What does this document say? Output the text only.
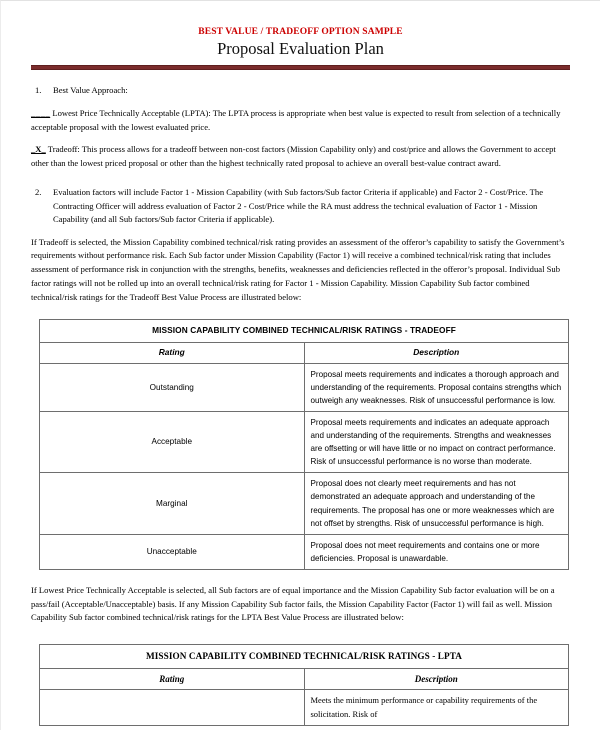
BEST VALUE / TRADEOFF OPTION SAMPLE
Proposal Evaluation Plan
1.	Best Value Approach:

____ Lowest Price Technically Acceptable (LPTA): The LPTA process is appropriate when best value is expected to result from selection of a technically acceptable proposal with the lowest evaluated price.

_X_ Tradeoff: This process allows for a tradeoff between non-cost factors (Mission Capability only) and cost/price and allows the Government to accept other than the lowest priced proposal or other than the highest technically rated proposal to achieve an overall best-value contract award.

2.	Evaluation factors will include Factor 1 - Mission Capability (with Sub factors/Sub factor Criteria if applicable) and Factor 2 - Cost/Price. The Contracting Officer will address evaluation of Factor 2 - Cost/Price while the RA must address the technical evaluation of Factor 1 - Mission Capability (and all Sub factors/Sub factor Criteria if applicable).

If Tradeoff is selected, the Mission Capability combined technical/risk rating provides an assessment of the offeror’s capability to satisfy the Government’s requirements without performance risk. Each Sub factor under Mission Capability (Factor 1) will receive a combined technical/risk rating that includes assessment of performance risk in conjunction with the strengths, benefits, weaknesses and deficiencies reflected in the offeror’s proposal. Individual Sub factor ratings will not be rolled up into an overall technical/risk rating for Factor 1 - Mission Capability. Mission Capability Sub factor combined technical/risk ratings for the Tradeoff Best Value Process are illustrated below:

MISSION CAPABILITY COMBINED TECHNICAL/RISK RATINGS - TRADEOFF	
Rating	Description
Outstanding	Proposal meets requirements and indicates a thorough approach and understanding of the requirements. Proposal contains strengths which outweigh any weaknesses. Risk of unsuccessful performance is low.
Acceptable	Proposal meets requirements and indicates an adequate approach and understanding of the requirements. Strengths and weaknesses are offsetting or will have little or no impact on contract performance. Risk of unsuccessful performance is no worse than moderate.
Marginal	Proposal does not clearly meet requirements and has not demonstrated an adequate approach and understanding of the requirements. The proposal has one or more weaknesses which are not offset by strengths. Risk of unsuccessful performance is high.
Unacceptable	Proposal does not meet requirements and contains one or more deficiencies. Proposal is unawardable.

If Lowest Price Technically Acceptable is selected, all Sub factors are of equal importance and the Mission Capability Sub factor evaluation will be on a pass/fail (Acceptable/Unacceptable) basis. If any Mission Capability Sub factor fails, the Mission Capability Factor (Factor 1) will fail as well. Mission Capability Sub factor combined technical/risk ratings for the LPTA Best Value Process are illustrated below:

MISSION CAPABILITY COMBINED TECHNICAL/RISK RATINGS - LPTA	
Rating	Description
	Meets the minimum performance or capability requirements of the solicitation. Risk of
